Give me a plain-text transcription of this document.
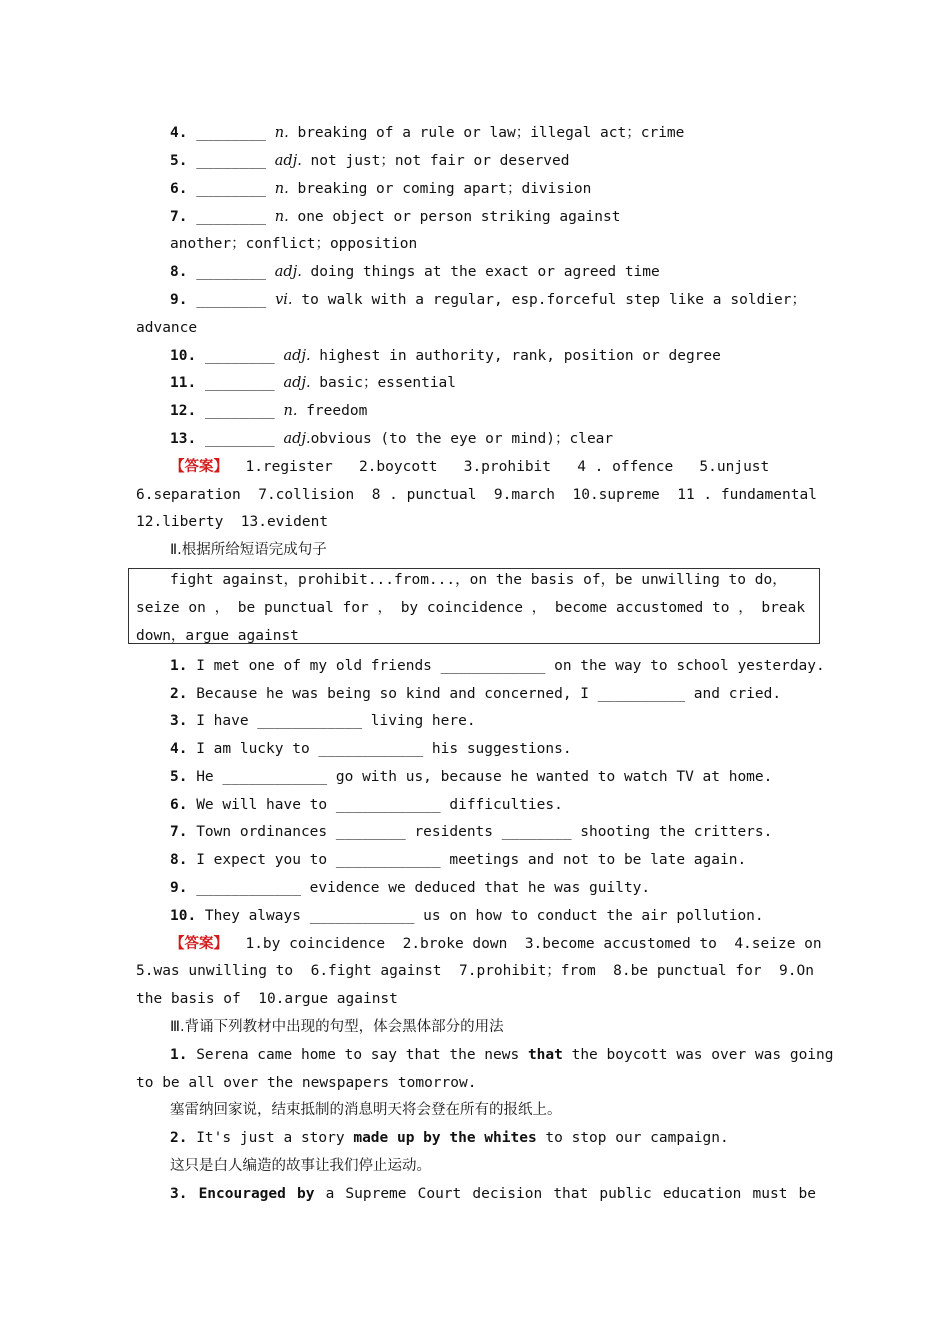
4. ________ n. breaking of a rule or law；illegal act；crime
5. ________ adj. not just；not fair or deserved
6. ________ n. breaking or coming apart；division
7. ________ n. one object or person striking against
another；conflict；opposition
8. ________ adj. doing things at the exact or agreed time
9. ________ vi. to walk with a regular, esp.forceful step like a soldier；
advance
10. ________ adj. highest in authority, rank, position or degree
11. ________ adj. basic；essential
12. ________ n. freedom
13. ________ adj.obvious (to the eye or mind)；clear
【答案】 1.register   2.boycott   3.prohibit   4 . offence   5.unjust
6.separation  7.collision  8 . punctual  9.march  10.supreme  11 . fundamental
12.liberty  13.evident
Ⅱ.根据所给短语完成句子
fight against，prohibit...from...，on the basis of，be unwilling to do，
seize on ， be punctual for ， by coincidence ， become accustomed to ， break
down，argue against
1. I met one of my old friends ____________ on the way to school yesterday.
2. Because he was being so kind and concerned, I __________ and cried.
3. I have ____________ living here.
4. I am lucky to ____________ his suggestions.
5. He ____________ go with us, because he wanted to watch TV at home.
6. We will have to ____________ difficulties.
7. Town ordinances ________ residents ________ shooting the critters.
8. I expect you to ____________ meetings and not to be late again.
9. ____________ evidence we deduced that he was guilty.
10. They always ____________ us on how to conduct the air pollution.
【答案】  1.by coincidence  2.broke down  3.become accustomed to  4.seize on
5.was unwilling to  6.fight against  7.prohibit；from  8.be punctual for  9.On
the basis of  10.argue against
Ⅲ.背诵下列教材中出现的句型，体会黑体部分的用法
1. Serena came home to say that the news that the boycott was over was going
to be all over the newspapers tomorrow.
塞雷纳回家说，结束抵制的消息明天将会登在所有的报纸上。
2. It's just a story made up by the whites to stop our campaign.
这只是白人编造的故事让我们停止运动。
3. Encouraged by a Supreme Court decision that public education must be
